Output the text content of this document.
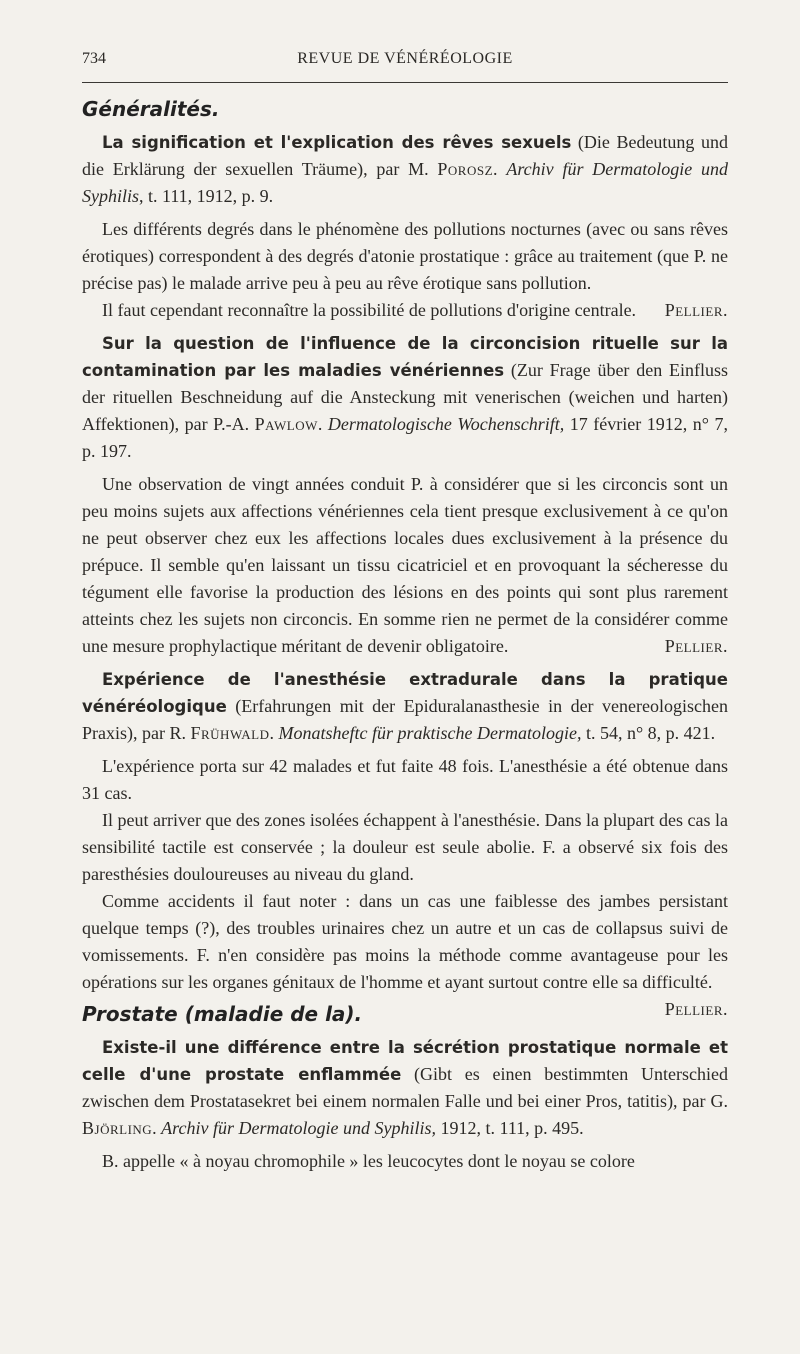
734	REVUE DE VÉNÉRÉOLOGIE
Généralités.

La signification et l'explication des rêves sexuels (Die Bedeutung und die Erklärung der sexuellen Träume), par M. Porosz. Archiv für Dermatologie und Syphilis, t. 111, 1912, p. 9.

Les différents degrés dans le phénomène des pollutions nocturnes (avec ou sans rêves érotiques) correspondent à des degrés d'atonie prostatique : grâce au traitement (que P. ne précise pas) le malade arrive peu à peu au rêve érotique sans pollution.

Il faut cependant reconnaître la possibilité de pollutions d'origine centrale.	Pellier.

Sur la question de l'influence de la circoncision rituelle sur la contamination par les maladies vénériennes (Zur Frage über den Einfluss der rituellen Beschneidung auf die Ansteckung mit venerischen (weichen und harten) Affektionen), par P.-A. Pawlow. Dermatologische Wochenschrift, 17 février 1912, n° 7, p. 197.

Une observation de vingt années conduit P. à considérer que si les circoncis sont un peu moins sujets aux affections vénériennes cela tient presque exclusivement à ce qu'on ne peut observer chez eux les affections locales dues exclusivement à la présence du prépuce. Il semble qu'en laissant un tissu cicatriciel et en provoquant la sécheresse du tégument elle favorise la production des lésions en des points qui sont plus rarement atteints chez les sujets non circoncis. En somme rien ne permet de la considérer comme une mesure prophylactique méritant de devenir obligatoire.	Pellier.

Expérience de l'anesthésie extradurale dans la pratique vénéréologique (Erfahrungen mit der Epiduralanasthesie in der venereologischen Praxis), par R. Frühwald. Monatsheftc für praktische Dermatologie, t. 54, n° 8, p. 421.

L'expérience porta sur 42 malades et fut faite 48 fois. L'anesthésie a été obtenue dans 31 cas.

Il peut arriver que des zones isolées échappent à l'anesthésie. Dans la plupart des cas la sensibilité tactile est conservée ; la douleur est seule abolie. F. a observé six fois des paresthésies douloureuses au niveau du gland.

Comme accidents il faut noter : dans un cas une faiblesse des jambes persistant quelque temps (?), des troubles urinaires chez un autre et un cas de collapsus suivi de vomissements. F. n'en considère pas moins la méthode comme avantageuse pour les opérations sur les organes génitaux de l'homme et ayant surtout contre elle sa difficulté.
Pellier.

Prostate (maladie de la).

Existe-il une différence entre la sécrétion prostatique normale et celle d'une prostate enflammée (Gibt es einen bestimmten Unterschied zwischen dem Prostatasekret bei einem normalen Falle und bei einer Pros, tatitis), par G. Björling. Archiv für Dermatologie und Syphilis, 1912, t. 111, p. 495.

B. appelle « à noyau chromophile » les leucocytes dont le noyau se colore
